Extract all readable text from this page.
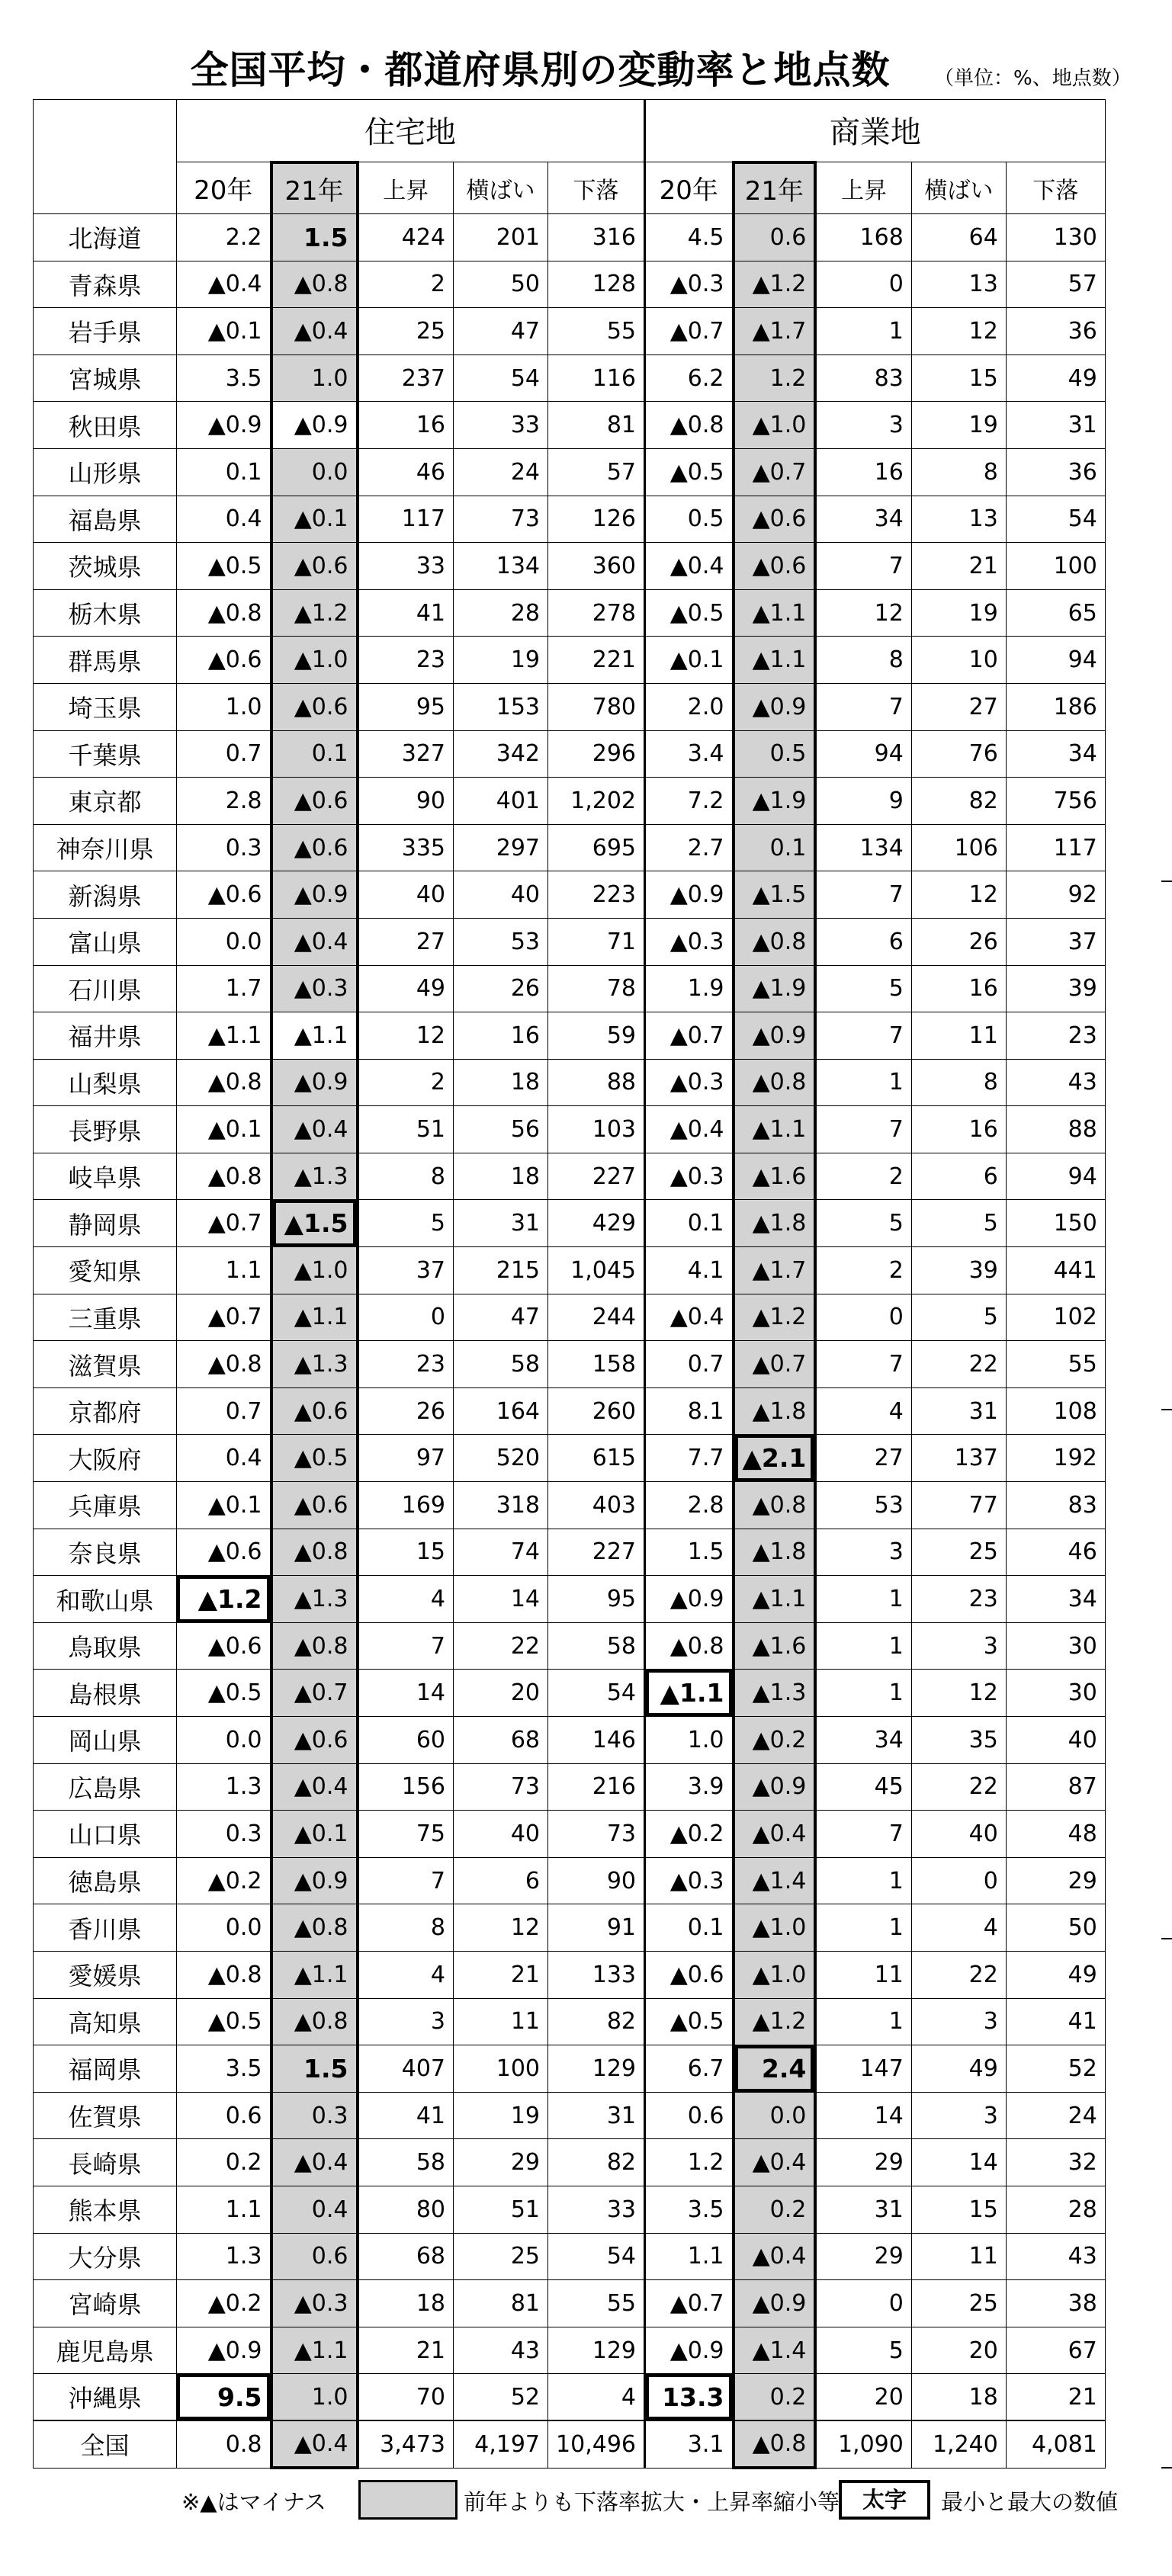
全国平均・都道府県別の変動率と地点数	（単位：%、地点数）
	住宅地					商業地				
	20年	21年	上昇	横ばい	下落	20年	21年	上昇	横ばい	下落
北海道	2.2	1.5	424	201	316	4.5	0.6	168	64	130
青森県	▲0.4	▲0.8	2	50	128	▲0.3	▲1.2	0	13	57
岩手県	▲0.1	▲0.4	25	47	55	▲0.7	▲1.7	1	12	36
宮城県	3.5	1.0	237	54	116	6.2	1.2	83	15	49
秋田県	▲0.9	▲0.9	16	33	81	▲0.8	▲1.0	3	19	31
山形県	0.1	0.0	46	24	57	▲0.5	▲0.7	16	8	36
福島県	0.4	▲0.1	117	73	126	0.5	▲0.6	34	13	54
茨城県	▲0.5	▲0.6	33	134	360	▲0.4	▲0.6	7	21	100
栃木県	▲0.8	▲1.2	41	28	278	▲0.5	▲1.1	12	19	65
群馬県	▲0.6	▲1.0	23	19	221	▲0.1	▲1.1	8	10	94
埼玉県	1.0	▲0.6	95	153	780	2.0	▲0.9	7	27	186
千葉県	0.7	0.1	327	342	296	3.4	0.5	94	76	34
東京都	2.8	▲0.6	90	401	1,202	7.2	▲1.9	9	82	756
神奈川県	0.3	▲0.6	335	297	695	2.7	0.1	134	106	117
新潟県	▲0.6	▲0.9	40	40	223	▲0.9	▲1.5	7	12	92
富山県	0.0	▲0.4	27	53	71	▲0.3	▲0.8	6	26	37
石川県	1.7	▲0.3	49	26	78	1.9	▲1.9	5	16	39
福井県	▲1.1	▲1.1	12	16	59	▲0.7	▲0.9	7	11	23
山梨県	▲0.8	▲0.9	2	18	88	▲0.3	▲0.8	1	8	43
長野県	▲0.1	▲0.4	51	56	103	▲0.4	▲1.1	7	16	88
岐阜県	▲0.8	▲1.3	8	18	227	▲0.3	▲1.6	2	6	94
静岡県	▲0.7	▲1.5	5	31	429	0.1	▲1.8	5	5	150
愛知県	1.1	▲1.0	37	215	1,045	4.1	▲1.7	2	39	441
三重県	▲0.7	▲1.1	0	47	244	▲0.4	▲1.2	0	5	102
滋賀県	▲0.8	▲1.3	23	58	158	0.7	▲0.7	7	22	55
京都府	0.7	▲0.6	26	164	260	8.1	▲1.8	4	31	108
大阪府	0.4	▲0.5	97	520	615	7.7	▲2.1	27	137	192
兵庫県	▲0.1	▲0.6	169	318	403	2.8	▲0.8	53	77	83
奈良県	▲0.6	▲0.8	15	74	227	1.5	▲1.8	3	25	46
和歌山県	▲1.2	▲1.3	4	14	95	▲0.9	▲1.1	1	23	34
鳥取県	▲0.6	▲0.8	7	22	58	▲0.8	▲1.6	1	3	30
島根県	▲0.5	▲0.7	14	20	54	▲1.1	▲1.3	1	12	30
岡山県	0.0	▲0.6	60	68	146	1.0	▲0.2	34	35	40
広島県	1.3	▲0.4	156	73	216	3.9	▲0.9	45	22	87
山口県	0.3	▲0.1	75	40	73	▲0.2	▲0.4	7	40	48
徳島県	▲0.2	▲0.9	7	6	90	▲0.3	▲1.4	1	0	29
香川県	0.0	▲0.8	8	12	91	0.1	▲1.0	1	4	50
愛媛県	▲0.8	▲1.1	4	21	133	▲0.6	▲1.0	11	22	49
高知県	▲0.5	▲0.8	3	11	82	▲0.5	▲1.2	1	3	41
福岡県	3.5	1.5	407	100	129	6.7	2.4	147	49	52
佐賀県	0.6	0.3	41	19	31	0.6	0.0	14	3	24
長崎県	0.2	▲0.4	58	29	82	1.2	▲0.4	29	14	32
熊本県	1.1	0.4	80	51	33	3.5	0.2	31	15	28
大分県	1.3	0.6	68	25	54	1.1	▲0.4	29	11	43
宮崎県	▲0.2	▲0.3	18	81	55	▲0.7	▲0.9	0	25	38
鹿児島県	▲0.9	▲1.1	21	43	129	▲0.9	▲1.4	5	20	67
沖縄県	9.5	1.0	70	52	4	13.3	0.2	20	18	21
全国	0.8	▲0.4	3,473	4,197	10,496	3.1	▲0.8	1,090	1,240	4,081
※▲はマイナス	前年よりも下落率拡大・上昇率縮小等	太字	最小と最大の数値
